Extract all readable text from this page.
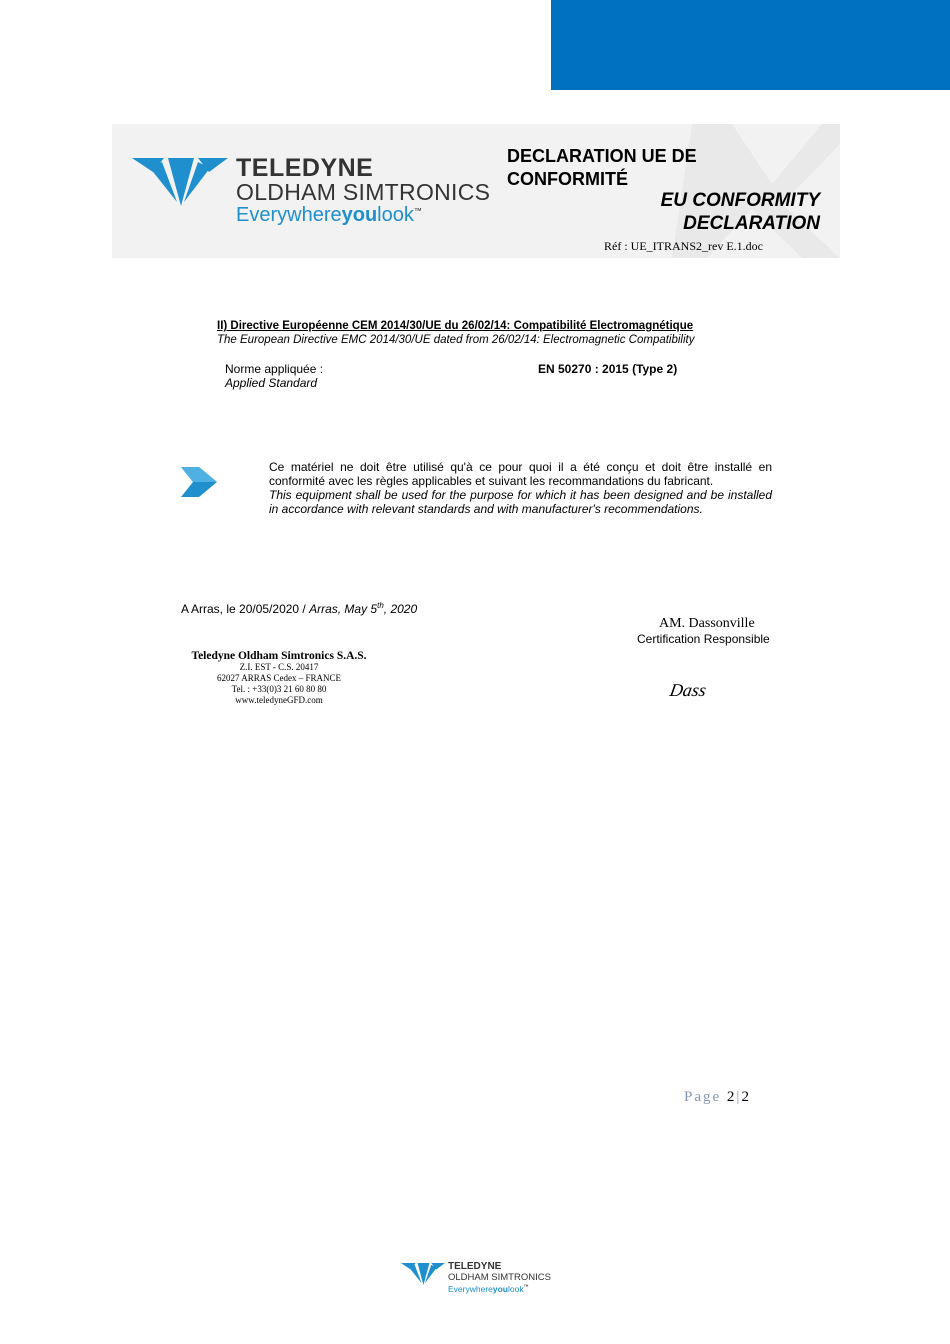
TELEDYNE
OLDHAM SIMTRONICS
Everywhereyoulook™
DECLARATION UE DE
CONFORMITÉ
EU CONFORMITY
DECLARATION
Réf : UE_ITRANS2_rev E.1.doc
II) Directive Européenne CEM 2014/30/UE du 26/02/14: Compatibilité Electromagnétique
The European Directive EMC 2014/30/UE dated from 26/02/14: Electromagnetic Compatibility
Norme appliquée :
Applied Standard
EN 50270 : 2015 (Type 2)
Ce matériel ne doit être utilisé qu'à ce pour quoi il a été conçu et doit être installé en conformité avec les règles applicables et suivant les recommandations du fabricant.
This equipment shall be used for the purpose for which it has been designed and be installed in accordance with relevant standards and with manufacturer's recommendations.
A Arras, le 20/05/2020 / Arras, May 5th, 2020
AM. Dassonville
Certification Responsible
Dass
Teledyne Oldham Simtronics S.A.S.
Z.I. EST - C.S. 20417
62027 ARRAS Cedex – FRANCE
Tel. : +33(0)3 21 60 80 80
www.teledyneGFD.com
Page 2|2
TELEDYNE
OLDHAM SIMTRONICS
Everywhereyoulook™
